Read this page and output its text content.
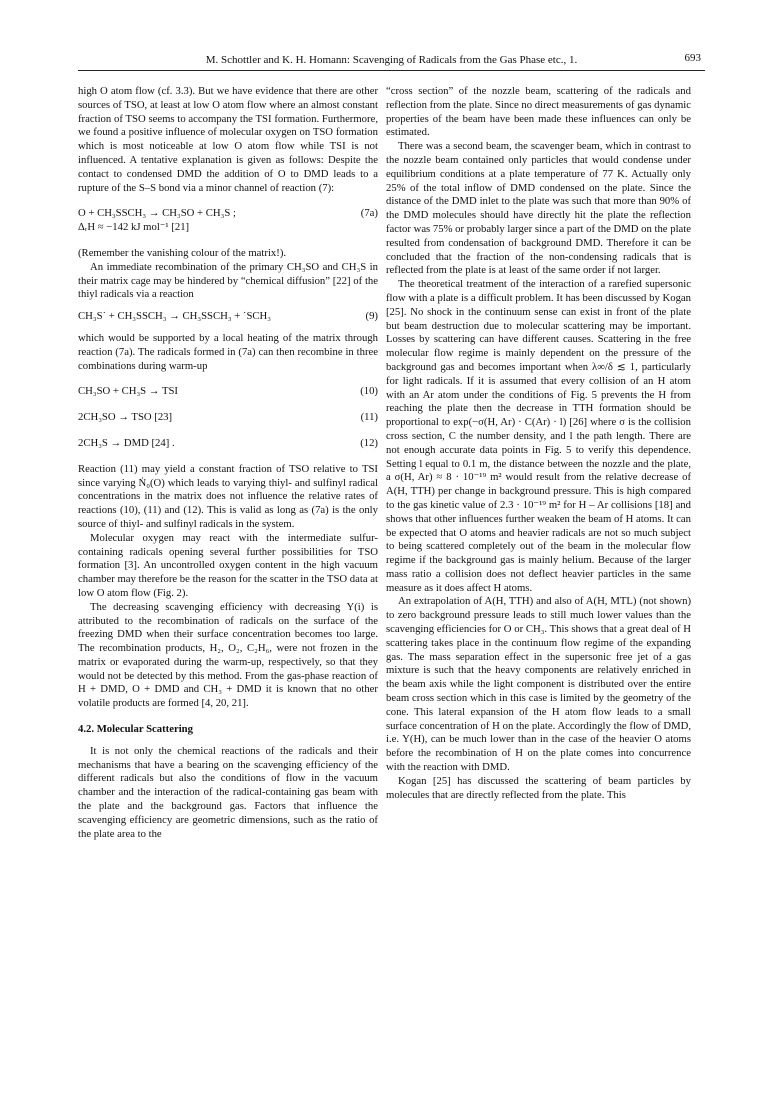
M. Schottler and K. H. Homann: Scavenging of Radicals from the Gas Phase etc., 1.	693

high O atom flow (cf. 3.3). But we have evidence that there are other sources of TSO, at least at low O atom flow where an almost constant fraction of TSO seems to accompany the TSI formation. Furthermore, we found a positive influence of molecular oxygen on TSO formation which is most noticeable at low O atom flow while TSI is not influenced. A tentative explanation is given as follows: Despite the contact to condensed DMD the addition of O to DMD leads to a rupture of the S–S bond via a minor channel of reaction (7):

O + CH₃SSCH₃ → CH₃SO + CH₃S ;	(7a)
ΔᵣH ≈ −142 kJ mol⁻¹ [21]

(Remember the vanishing colour of the matrix!).

An immediate recombination of the primary CH₃SO and CH₃S in their matrix cage may be hindered by “chemical diffusion” [22] of the thiyl radicals via a reaction

CH₃S˙ + CH₃SSCH₃ → CH₃SSCH₃ + ˙SCH₃	(9)

which would be supported by a local heating of the matrix through reaction (7a). The radicals formed in (7a) can then recombine in three combinations during warm-up

CH₃SO + CH₃S → TSI	(10)
2CH₃SO → TSO [23]	(11)
2CH₃S → DMD [24] .	(12)

Reaction (11) may yield a constant fraction of TSO relative to TSI since varying Ṅ₀(O) which leads to varying thiyl- and sulfinyl radical concentrations in the matrix does not influence the relative rates of reactions (10), (11) and (12). This is valid as long as (7a) is the only source of thiyl- and sulfinyl radicals in the system.

Molecular oxygen may react with the intermediate sulfur-containing radicals opening several further possibilities for TSO formation [3]. An uncontrolled oxygen content in the high vacuum chamber may therefore be the reason for the scatter in the TSO data at low O atom flow (Fig. 2).

The decreasing scavenging efficiency with decreasing Y(i) is attributed to the recombination of radicals on the surface of the freezing DMD when their surface concentration becomes too large. The recombination products, H₂, O₂, C₂H₆, were not frozen in the matrix or evaporated during the warm-up, respectively, so that they would not be detected by this method. From the gas-phase reaction of H + DMD, O + DMD and CH₃ + DMD it is known that no other volatile products are formed [4, 20, 21].

4.2. Molecular Scattering

It is not only the chemical reactions of the radicals and their mechanisms that have a bearing on the scavenging efficiency of the different radicals but also the conditions of flow in the vacuum chamber and the interaction of the radical-containing gas beam with the plate and the background gas. Factors that influence the scavenging efficiency are geometric dimensions, such as the ratio of the plate area to the

“cross section” of the nozzle beam, scattering of the radicals and reflection from the plate. Since no direct measurements of gas dynamic properties of the beam have been made these influences can only be estimated.

There was a second beam, the scavenger beam, which in contrast to the nozzle beam contained only particles that would condense under equilibrium conditions at a plate temperature of 77 K. Actually only 25% of the total inflow of DMD condensed on the plate. Since the distance of the DMD inlet to the plate was such that more than 90% of the DMD molecules should have directly hit the plate the reflection factor was 75% or probably larger since a part of the DMD on the plate resulted from condensation of background DMD. Therefore it can be concluded that the fraction of the non-condensing radicals that is reflected from the plate is at least of the same order if not larger.

The theoretical treatment of the interaction of a rarefied supersonic flow with a plate is a difficult problem. It has been discussed by Kogan [25]. No shock in the continuum sense can exist in front of the plate but beam destruction due to molecular scattering may be important. Losses by scattering can have different causes. Scattering in the free molecular flow regime is mainly dependent on the pressure of the background gas and becomes important when λ∞/δ ≲ 1, particularly for light radicals. If it is assumed that every collision of an H atom with an Ar atom under the conditions of Fig. 5 prevents the H from reaching the plate then the decrease in TTH formation should be proportional to exp(−σ(H, Ar) · C(Ar) · l) [26] where σ is the collision cross section, C the number density, and l the path length. There are not enough accurate data points in Fig. 5 to verify this dependence. Setting l equal to 0.1 m, the distance between the nozzle and the plate, a σ(H, Ar) ≈ 8 · 10⁻¹⁹ m² would result from the relative decrease of A(H, TTH) per change in background pressure. This is high compared to the gas kinetic value of 2.3 · 10⁻¹⁹ m² for H – Ar collisions [18] and shows that other influences further weaken the beam of H atoms. It can be expected that O atoms and heavier radicals are not so much subject to being scattered completely out of the beam in the molecular flow regime if the background gas is mainly helium. Because of the larger mass ratio a collision does not deflect heavier particles in the same measure as it does affect H atoms.

An extrapolation of A(H, TTH) and also of A(H, MTL) (not shown) to zero background pressure leads to still much lower values than the scavenging efficiencies for O or CH₃. This shows that a great deal of H scattering takes place in the continuum flow regime of the expanding gas. The mass separation effect in the supersonic free jet of a gas mixture is such that the heavy components are relatively enriched in the beam axis while the light component is distributed over the entire beam cross section which in this case is limited by the geometry of the cone. This lateral expansion of the H atom flow leads to a small surface concentration of H on the plate. Accordingly the flow of DMD, i.e. Y(H), can be much lower than in the case of the heavier O atoms before the recombination of H on the plate comes into concurrence with the reaction with DMD.

Kogan [25] has discussed the scattering of beam particles by molecules that are directly reflected from the plate. This
